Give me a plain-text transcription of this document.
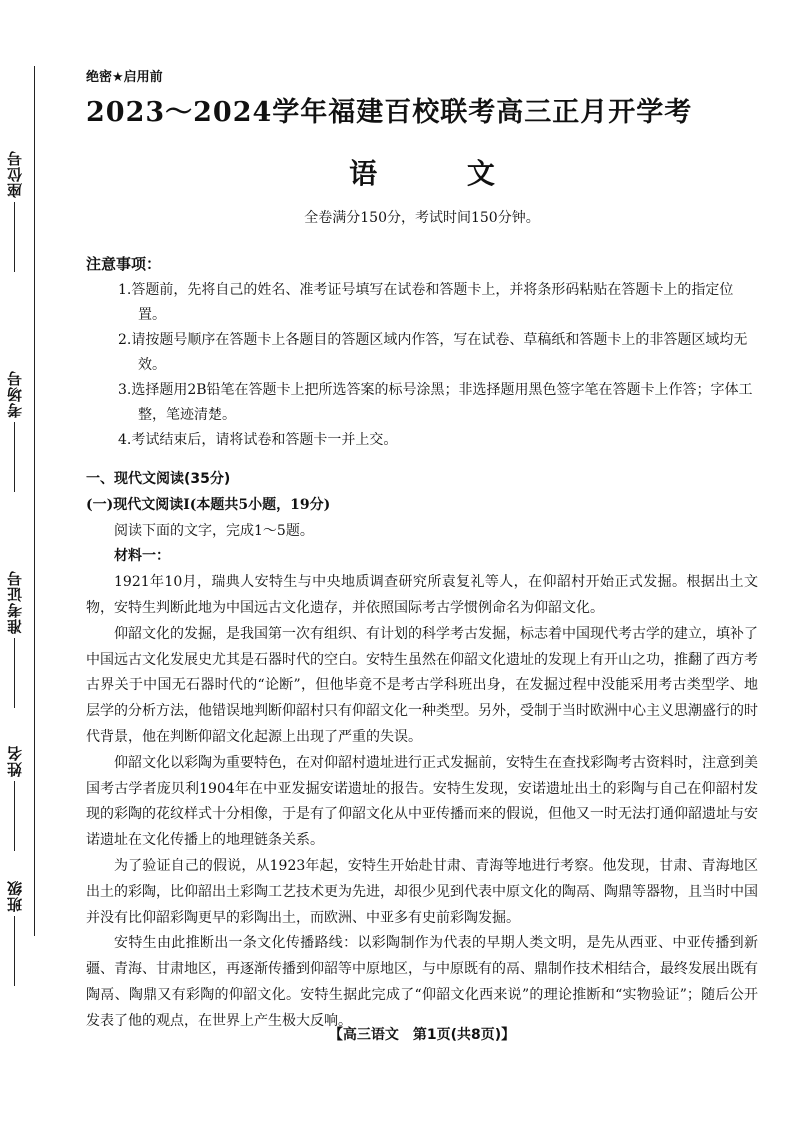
座位号
考场号
准考证号
姓名
班级
绝密★启用前
2023～2024学年福建百校联考高三正月开学考
语 文
全卷满分150分，考试时间150分钟。
注意事项：

1.答题前，先将自己的姓名、准考证号填写在试卷和答题卡上，并将条形码粘贴在答题卡上的指定位置。

2.请按题号顺序在答题卡上各题目的答题区域内作答，写在试卷、草稿纸和答题卡上的非答题区域均无效。

3.选择题用2B铅笔在答题卡上把所选答案的标号涂黑；非选择题用黑色签字笔在答题卡上作答；字体工整，笔迹清楚。

4.考试结束后，请将试卷和答题卡一并上交。

一、现代文阅读(35分)

(一)现代文阅读Ⅰ(本题共5小题，19分)

阅读下面的文字，完成1～5题。

材料一：

1921年10月，瑞典人安特生与中央地质调查研究所袁复礼等人，在仰韶村开始正式发掘。根据出土文物，安特生判断此地为中国远古文化遗存，并依照国际考古学惯例命名为仰韶文化。

仰韶文化的发掘，是我国第一次有组织、有计划的科学考古发掘，标志着中国现代考古学的建立，填补了中国远古文化发展史尤其是石器时代的空白。安特生虽然在仰韶文化遗址的发现上有开山之功，推翻了西方考古界关于中国无石器时代的“论断”，但他毕竟不是考古学科班出身，在发掘过程中没能采用考古类型学、地层学的分析方法，他错误地判断仰韶村只有仰韶文化一种类型。另外，受制于当时欧洲中心主义思潮盛行的时代背景，他在判断仰韶文化起源上出现了严重的失误。

仰韶文化以彩陶为重要特色，在对仰韶村遗址进行正式发掘前，安特生在查找彩陶考古资料时，注意到美国考古学者庞贝利1904年在中亚发掘安诺遗址的报告。安特生发现，安诺遗址出土的彩陶与自己在仰韶村发现的彩陶的花纹样式十分相像，于是有了仰韶文化从中亚传播而来的假说，但他又一时无法打通仰韶遗址与安诺遗址在文化传播上的地理链条关系。

为了验证自己的假说，从1923年起，安特生开始赴甘肃、青海等地进行考察。他发现，甘肃、青海地区出土的彩陶，比仰韶出土彩陶工艺技术更为先进，却很少见到代表中原文化的陶鬲、陶鼎等器物，且当时中国并没有比仰韶彩陶更早的彩陶出土，而欧洲、中亚多有史前彩陶发掘。

安特生由此推断出一条文化传播路线：以彩陶制作为代表的早期人类文明，是先从西亚、中亚传播到新疆、青海、甘肃地区，再逐渐传播到仰韶等中原地区，与中原既有的鬲、鼎制作技术相结合，最终发展出既有陶鬲、陶鼎又有彩陶的仰韶文化。安特生据此完成了“仰韶文化西来说”的理论推断和“实物验证”；随后公开发表了他的观点，在世界上产生极大反响。

【高三语文　第1页(共8页)】
